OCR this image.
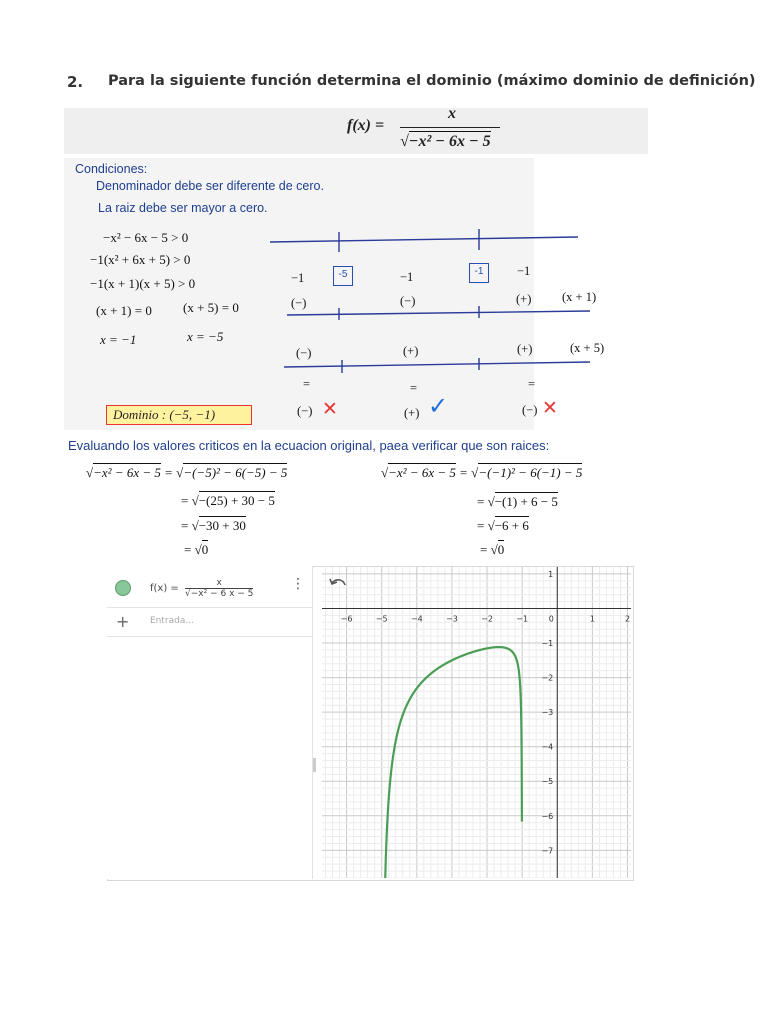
2. Para la siguiente función determina el dominio (máximo dominio de definición)
f(x) =
x
√−x² − 6x − 5
Condiciones:
Denominador debe ser diferente de cero.
La raiz debe ser mayor a cero.
−x² − 6x − 5 > 0
−1(x² + 6x + 5) > 0
−1(x + 1)(x + 5) > 0
(x + 1) = 0 (x + 5) = 0
x = −1	x = −5
-5	-1
−1	−1	−1
(−)	(−)	(+) (x + 1)
(−)	(+)	(+)	(x + 5)
=	=	=
(−) ✕	(+) ✓	(−) ✕
Dominio : (−5, −1)
Evaluando los valores criticos en la ecuacion original, paea verificar que son raices:
√−x² − 6x − 5 = √−(−5)² − 6(−5) − 5
= √−(25) + 30 − 5
= √−30 + 30
= √0
√−x² − 6x − 5 = √−(−1)² − 6(−1) − 5
= √−(1) + 6 − 5
= √−6 + 6
= √0
$f(x) = \frac{x}{\text{√−x² − 6 x − 5}}$	⋮
+ Entrada...	−6	−5	−4	−3	−2	−1	1	2
0
1
−1
−2
−3
−4
−5
−6
−7
